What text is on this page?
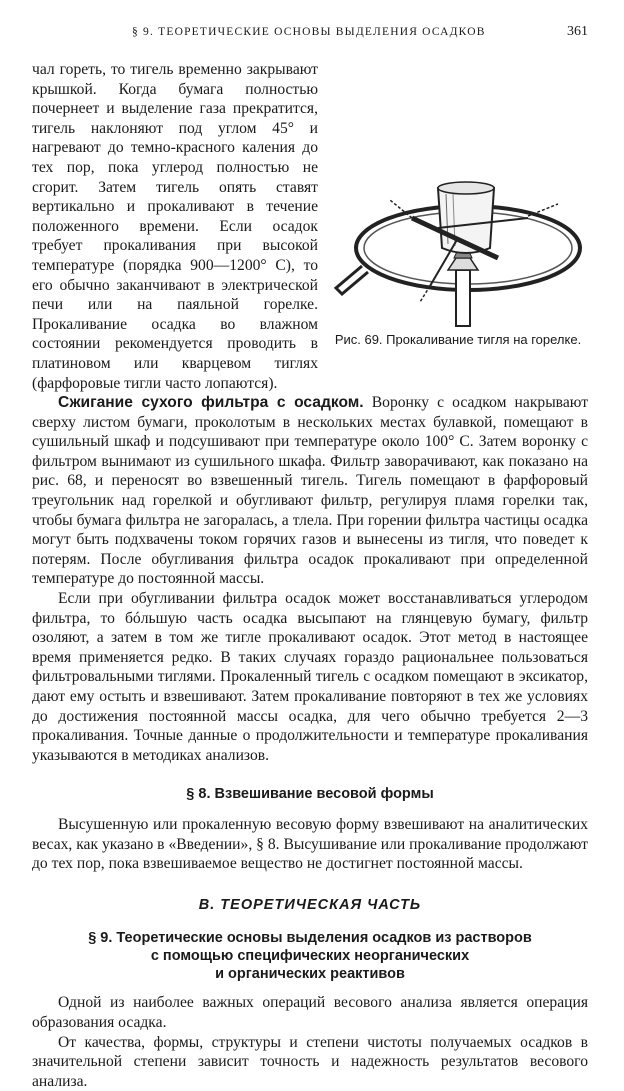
§ 9. ТЕОРЕТИЧЕСКИЕ ОСНОВЫ ВЫДЕЛЕНИЯ ОСАДКОВ	361
Рис. 69. Прокаливание тигля на горелке.

чал гореть, то тигель временно закрывают крышкой. Когда бумага полностью почернеет и выделение газа прекратится, тигель наклоняют под углом 45° и нагревают до темно-красного каления до тех пор, пока углерод полностью не сгорит. Затем тигель опять ставят вертикально и прокаливают в течение положенного времени. Если осадок требует прокаливания при высокой температуре (порядка 900—1200° С), то его обычно заканчивают в электрической печи или на паяльной горелке. Прокаливание осадка во влажном состоянии рекомендуется проводить в платиновом или кварцевом тиглях (фарфоровые тигли часто лопаются).

Сжигание сухого фильтра с осадком. Воронку с осадком накрывают сверху листом бумаги, проколотым в нескольких местах булавкой, помещают в сушильный шкаф и подсушивают при температуре около 100° С. Затем воронку с фильтром вынимают из сушильного шкафа. Фильтр заворачивают, как показано на рис. 68, и переносят во взвешенный тигель. Тигель помещают в фарфоровый треугольник над горелкой и обугливают фильтр, регулируя пламя горелки так, чтобы бумага фильтра не загоралась, а тлела. При горении фильтра частицы осадка могут быть подхвачены током горячих газов и вынесены из тигля, что поведет к потерям. После обугливания фильтра осадок прокаливают при определенной температуре до постоянной массы.

Если при обугливании фильтра осадок может восстанавливаться углеродом фильтра, то бóльшую часть осадка высыпают на глянцевую бумагу, фильтр озоляют, а затем в том же тигле прокаливают осадок. Этот метод в настоящее время применяется редко. В таких случаях гораздо рациональнее пользоваться фильтровальными тиглями. Прокаленный тигель с осадком помещают в эксикатор, дают ему остыть и взвешивают. Затем прокаливание повторяют в тех же условиях до достижения постоянной массы осадка, для чего обычно требуется 2—3 прокаливания. Точные данные о продолжительности и температуре прокаливания указываются в методиках анализов.

§ 8. Взвешивание весовой формы

Высушенную или прокаленную весовую форму взвешивают на аналитических весах, как указано в «Введении», § 8. Высушивание или прокаливание продолжают до тех пор, пока взвешиваемое вещество не достигнет постоянной массы.

В. ТЕОРЕТИЧЕСКАЯ ЧАСТЬ
§ 9. Теоретические основы выделения осадков из растворов
с помощью специфических неорганических
и органических реактивов

Одной из наиболее важных операций весового анализа является операция образования осадка.

От качества, формы, структуры и степени чистоты получаемых осадков в значительной степени зависит точность и надежность результатов весового анализа.
